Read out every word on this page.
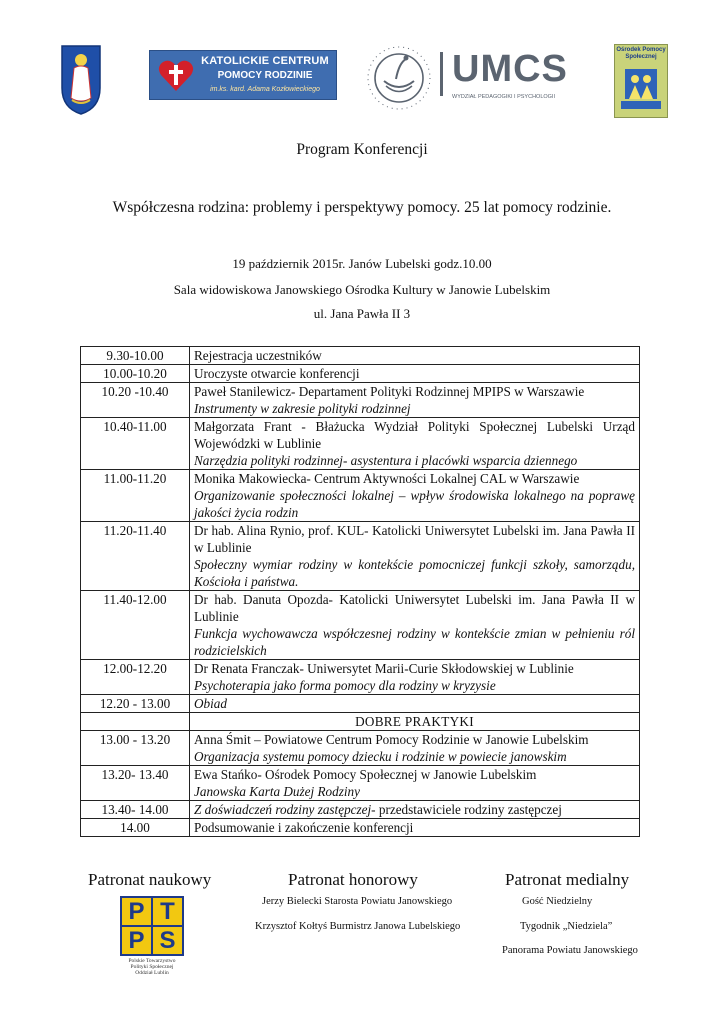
KATOLICKIE CENTRUM
POMOCY RODZINIE
im.ks. kard. Adama Kozłowieckiego	UMCS
WYDZIAŁ PEDAGOGIKI I PSYCHOLOGII
Ośrodek Pomocy Społecznej
Program Konferencji
Współczesna rodzina: problemy i perspektywy pomocy. 25 lat pomocy rodzinie.
19 październik 2015r. Janów Lubelski godz.10.00
Sala widowiskowa Janowskiego Ośrodka Kultury w Janowie Lubelskim
ul. Jana Pawła II 3
9.30-10.00	Rejestracja uczestników

10.00-10.20	Uroczyste otwarcie konferencji

10.20 -10.40	Paweł Stanilewicz- Departament Polityki Rodzinnej MPIPS w Warszawie
Instrumenty w zakresie polityki rodzinnej

10.40-11.00	Małgorzata Frant - Błażucka Wydział Polityki Społecznej Lubelski Urząd Wojewódzki w Lublinie
Narzędzia polityki rodzinnej- asystentura i placówki wsparcia dziennego

11.00-11.20	Monika Makowiecka- Centrum Aktywności Lokalnej CAL w Warszawie
Organizowanie społeczności lokalnej – wpływ środowiska lokalnego na poprawę jakości życia rodzin

11.20-11.40	Dr hab. Alina Rynio, prof. KUL- Katolicki Uniwersytet Lubelski im. Jana Pawła II w Lublinie
Społeczny wymiar rodziny w kontekście pomocniczej funkcji szkoły, samorządu, Kościoła i państwa.

11.40-12.00	Dr hab. Danuta Opozda- Katolicki Uniwersytet Lubelski im. Jana Pawła II w Lublinie
Funkcja wychowawcza współczesnej rodziny w kontekście zmian w pełnieniu ról rodzicielskich

12.00-12.20	Dr Renata Franczak- Uniwersytet Marii-Curie Skłodowskiej w Lublinie
Psychoterapia jako forma pomocy dla rodziny w kryzysie

12.20 - 13.00	Obiad

	DOBRE PRAKTYKI
13.00 - 13.20	Anna Śmit – Powiatowe Centrum Pomocy Rodzinie w Janowie Lubelskim
Organizacja systemu pomocy dziecku i rodzinie w powiecie janowskim

13.20- 13.40	Ewa Stańko- Ośrodek Pomocy Społecznej w Janowie Lubelskim
Janowska Karta Dużej Rodziny

13.40- 14.00	Z doświadczeń rodziny zastępczej- przedstawiciele rodziny zastępczej
14.00	Podsumowanie i zakończenie konferencji
Patronat naukowy	Patronat honorowy	Patronat medialny
P T
P S
Polskie Towarzystwo
Polityki Społecznej
Oddział Lublin
Jerzy Bielecki Starosta Powiatu Janowskiego
Krzysztof Kołtyś Burmistrz Janowa Lubelskiego
Gość Niedzielny
Tygodnik „Niedziela”
Panorama Powiatu Janowskiego
